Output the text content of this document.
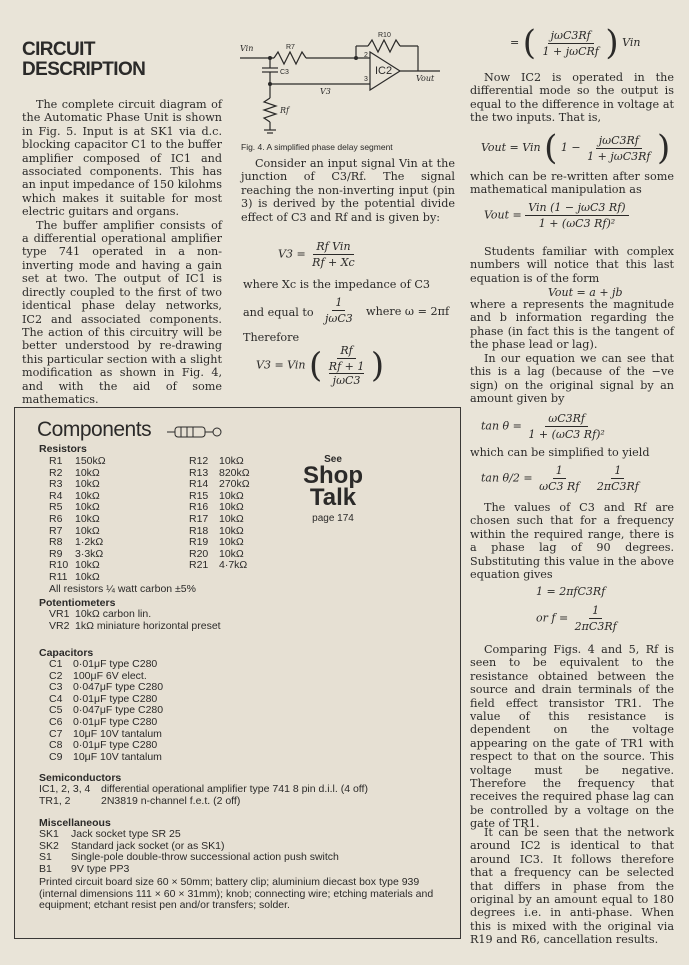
CIRCUIT
DESCRIPTION

The complete circuit diagram of the Automatic Phase Unit is shown in Fig. 5. Input is at SK1 via d.c. blocking capacitor C1 to the buffer amplifier composed of IC1 and associated components. This has an input impedance of 150 kilohms which makes it suitable for most electric guitars and organs.

The buffer amplifier consists of a differential operational amplifier type 741 operated in a non-inverting mode and having a gain set at two. The output of IC1 is directly coupled to the first of two identical phase delay networks, IC2 and associated components. The action of this circuitry will be better understood by re-drawing this particular section with a slight modification as shown in Fig. 4, and with the aid of some mathematics.

Vin	R7
R10
C3	IC2
2
3	Vout
V3
Rf
Fig. 4. A simplified phase delay segment
Consider an input signal Vin at the junction of C3/Rf. The signal reaching the non-inverting input (pin 3) is derived by the potential divide effect of C3 and Rf and is given by:
$V3 = \frac{\text{Rf Vin}}{Rf + Xc}$
where Xc is the impedance of C3
and equal to $\frac{1}{\text{jωC3}}$ where ω = 2πf
Therefore
V3 = Vin ( Rf
Rf + 1
jωC3 )
= ( $\frac{\text{jωC3Rf}}{\text{1 + jωCRf}}$ ) Vin
Now IC2 is operated in the differential mode so the output is equal to the difference in voltage at the two inputs. That is,
Vout = Vin ( $1 - \frac{\text{jωC3Rf}}{\text{1 + jωC3Rf}}$ )
which can be re-written after some mathematical manipulation as
Vout = $\frac{\text{Vin (1 − jωC3 Rf)}}{\text{1 + (ωC3 Rf)²}}$
Students familiar with complex numbers will notice that this last equation is of the form
Vout = a + jb
where a represents the magnitude and b information regarding the phase (in fact this is the tangent of the phase lead or lag).
In our equation we can see that this is a lag (because of the −ve sign) on the original signal by an amount given by
$\tan \theta = \frac{\omega C3Rf}{\text{1 + (ωC3 Rf)²}}$
which can be simplified to yield
$\tan \theta/2 = \frac{1}{\omega C3 Rf}$
$\frac{1}{2\pi C3Rf}$
The values of C3 and Rf are chosen such that for a frequency within the required range, there is a phase lag of 90 degrees. Substituting this value in the above equation gives
1 = 2πfC3Rf
or $f = \frac{1}{2\pi C3Rf}$
Comparing Figs. 4 and 5, Rf is seen to be equivalent to the resistance obtained between the source and drain terminals of the field effect transistor TR1. The value of this resistance is dependent on the voltage appearing on the gate of TR1 with respect to that on the source. This voltage must be negative. Therefore the frequency that receives the required phase lag can be controlled by a voltage on the gate of TR1.
It can be seen that the network around IC2 is identical to that around IC3. It follows therefore that a frequency can be selected that differs in phase from the original by an amount equal to 180 degrees i.e. in anti-phase. When this is mixed with the original via R19 and R6, cancellation results.
Components
Resistors
R1 150kΩ
R2 10kΩ
R3 10kΩ
R4 10kΩ
R5 10kΩ
R6 10kΩ
R7 10kΩ
R8 1·2kΩ
R9 3·3kΩ
R10 10kΩ
R11 10kΩ
R12 10kΩ
R13 820kΩ
R14 270kΩ
R15 10kΩ
R16 10kΩ
R17 10kΩ
R18 10kΩ
R19 10kΩ
R20 10kΩ
R21 4·7kΩ
All resistors ¼ watt carbon ±5%
See
Shop
Talk
page 174
Potentiometers
VR1 10kΩ carbon lin.
VR2 1kΩ miniature horizontal preset
Capacitors
C1 0·01μF type C280
C2 100μF 6V elect.
C3 0·047μF type C280
C4 0·01μF type C280
C5 0·047μF type C280
C6 0·01μF type C280
C7 10μF 10V tantalum
C8 0·01μF type C280
C9 10μF 10V tantalum
Semiconductors
IC1, 2, 3, 4 differential operational amplifier type 741 8 pin d.i.l. (4 off)
TR1, 2	2N3819 n-channel f.e.t. (2 off)
Miscellaneous
SK1 Jack socket type SR 25
SK2 Standard jack socket (or as SK1)
S1 Single-pole double-throw successional action push switch
B1 9V type PP3
Printed circuit board size 60 × 50mm; battery clip; aluminium diecast box type 939 (internal dimensions 111 × 60 × 31mm); knob; connecting wire; etching materials and equipment; etchant resist pen and/or transfers; solder.
